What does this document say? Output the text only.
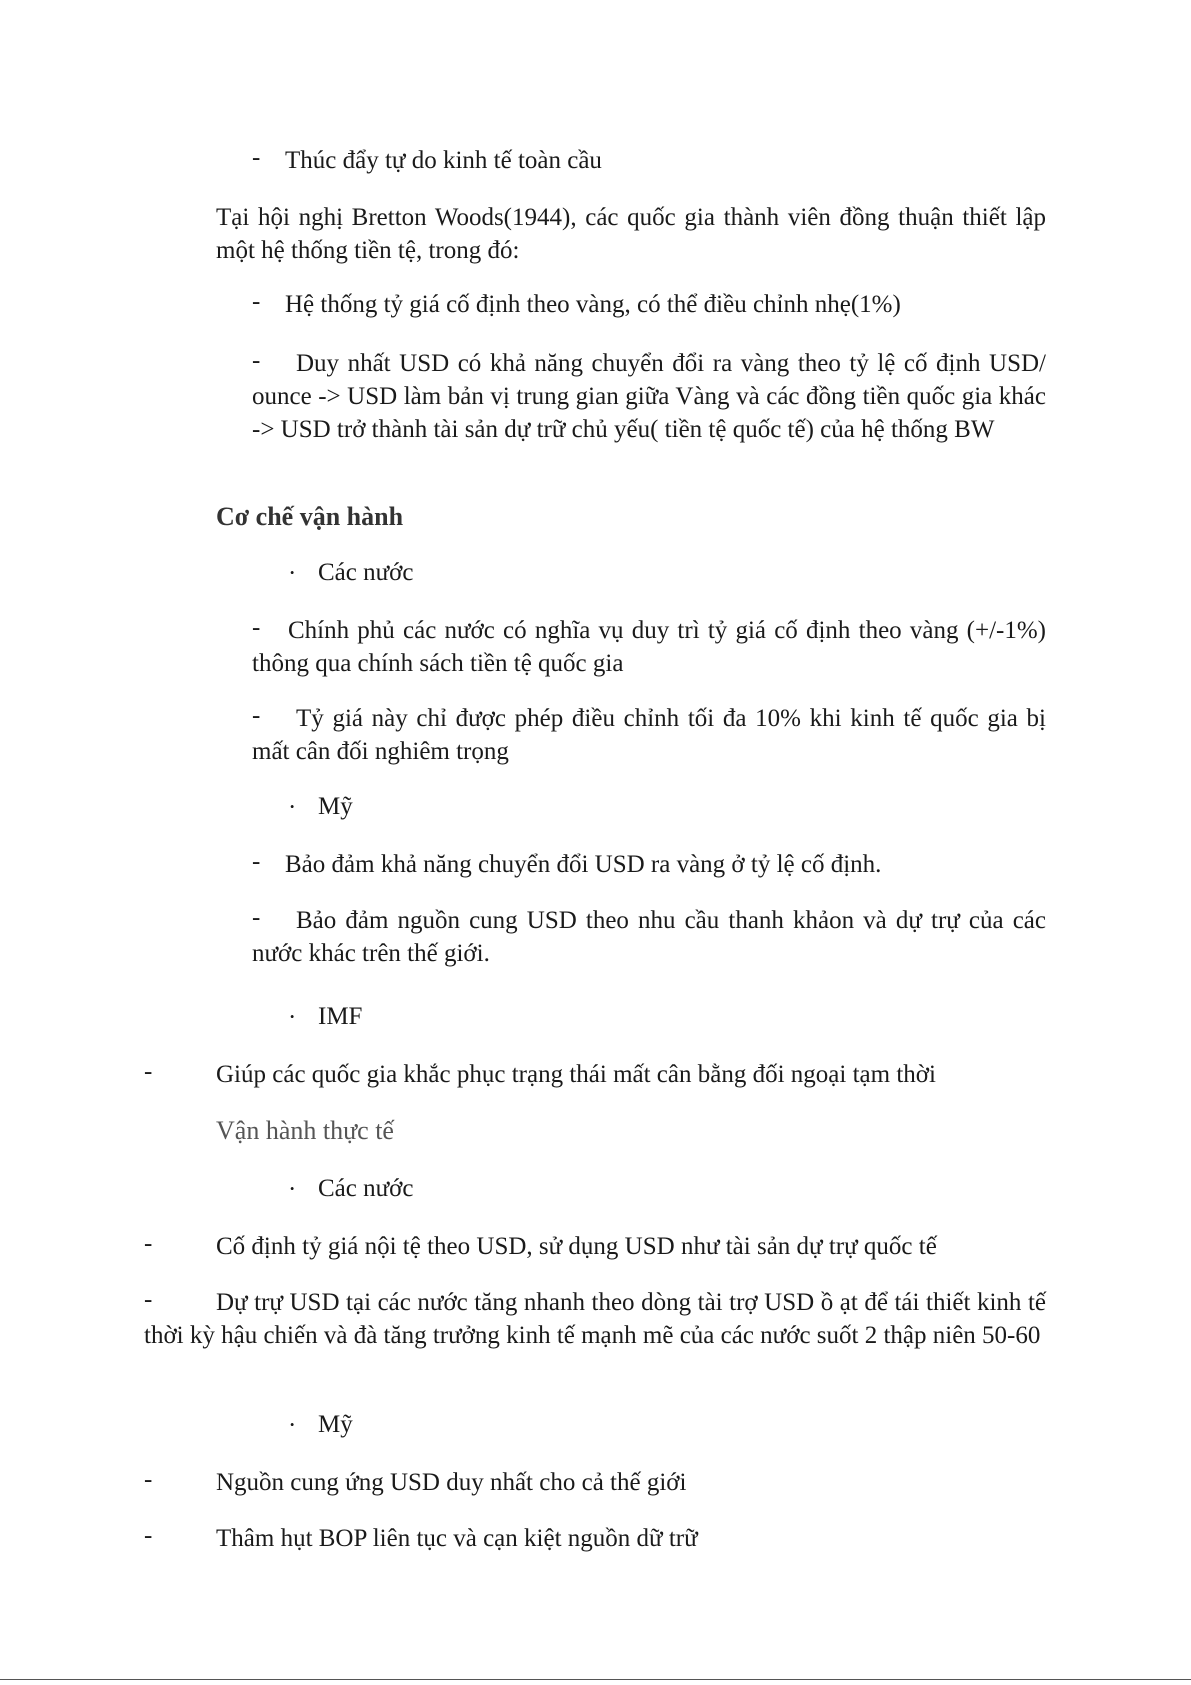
- Thúc đẩy tự do kinh tế toàn cầu
Tại hội nghị Bretton Woods(1944), các quốc gia thành viên đồng thuận thiết lập một hệ thống tiền tệ, trong đó:
- Hệ thống tỷ giá cố định theo vàng, có thể điều chỉnh nhẹ(1%)
-	Duy nhất USD có khả năng chuyển đổi ra vàng theo tỷ lệ cố định USD/ ounce -> USD làm bản vị trung gian giữa Vàng và các đồng tiền quốc gia khác -> USD trở thành tài sản dự trữ chủ yếu( tiền tệ quốc tế) của hệ thống BW
Cơ chế vận hành
· Các nước
-	Chính phủ các nước có nghĩa vụ duy trì tỷ giá cố định theo vàng (+/-1%) thông qua chính sách tiền tệ quốc gia
-	Tỷ giá này chỉ được phép điều chỉnh tối đa 10% khi kinh tế quốc gia bị mất cân đối nghiêm trọng
· Mỹ
- Bảo đảm khả năng chuyển đổi USD ra vàng ở tỷ lệ cố định.
-	Bảo đảm nguồn cung USD theo nhu cầu thanh khảon và dự trự của các nước khác trên thế giới.
· IMF
-	Giúp các quốc gia khắc phục trạng thái mất cân bằng đối ngoại tạm thời
Vận hành thực tế
· Các nước
-	Cố định tỷ giá nội tệ theo USD, sử dụng USD như tài sản dự trự quốc tế
-	Dự trự USD tại các nước tăng nhanh theo dòng tài trợ USD ồ ạt để tái thiết kinh tế thời kỳ hậu chiến và đà tăng trưởng kinh tế mạnh mẽ của các nước suốt 2 thập niên 50-60
· Mỹ
-	Nguồn cung ứng USD duy nhất cho cả thế giới
-	Thâm hụt BOP liên tục và cạn kiệt nguồn dữ trữ
